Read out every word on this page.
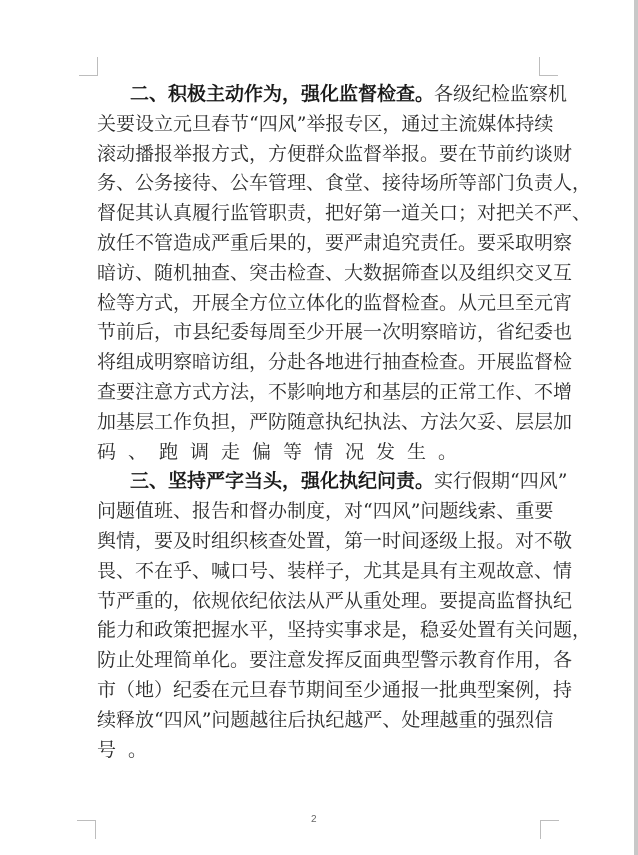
二、积极主动作为，强化监督检查。各级纪检监察机
关要设立元旦春节“四风”举报专区，通过主流媒体持续
滚动播报举报方式，方便群众监督举报。要在节前约谈财
务、公务接待、公车管理、食堂、接待场所等部门负责人，
督促其认真履行监管职责，把好第一道关口；对把关不严、
放任不管造成严重后果的，要严肃追究责任。要采取明察
暗访、随机抽查、突击检查、大数据筛查以及组织交叉互
检等方式，开展全方位立体化的监督检查。从元旦至元宵
节前后，市县纪委每周至少开展一次明察暗访，省纪委也
将组成明察暗访组，分赴各地进行抽查检查。开展监督检
查要注意方式方法，不影响地方和基层的正常工作、不增
加基层工作负担，严防随意执纪执法、方法欠妥、层层加
码、跑调走偏等情况发生。
三、坚持严字当头，强化执纪问责。实行假期“四风”
问题值班、报告和督办制度，对“四风”问题线索、重要
舆情，要及时组织核查处置，第一时间逐级上报。对不敬
畏、不在乎、喊口号、装样子，尤其是具有主观故意、情
节严重的，依规依纪依法从严从重处理。要提高监督执纪
能力和政策把握水平，坚持实事求是，稳妥处置有关问题，
防止处理简单化。要注意发挥反面典型警示教育作用，各
市（地）纪委在元旦春节期间至少通报一批典型案例，持
续释放“四风”问题越往后执纪越严、处理越重的强烈信
号。
2
